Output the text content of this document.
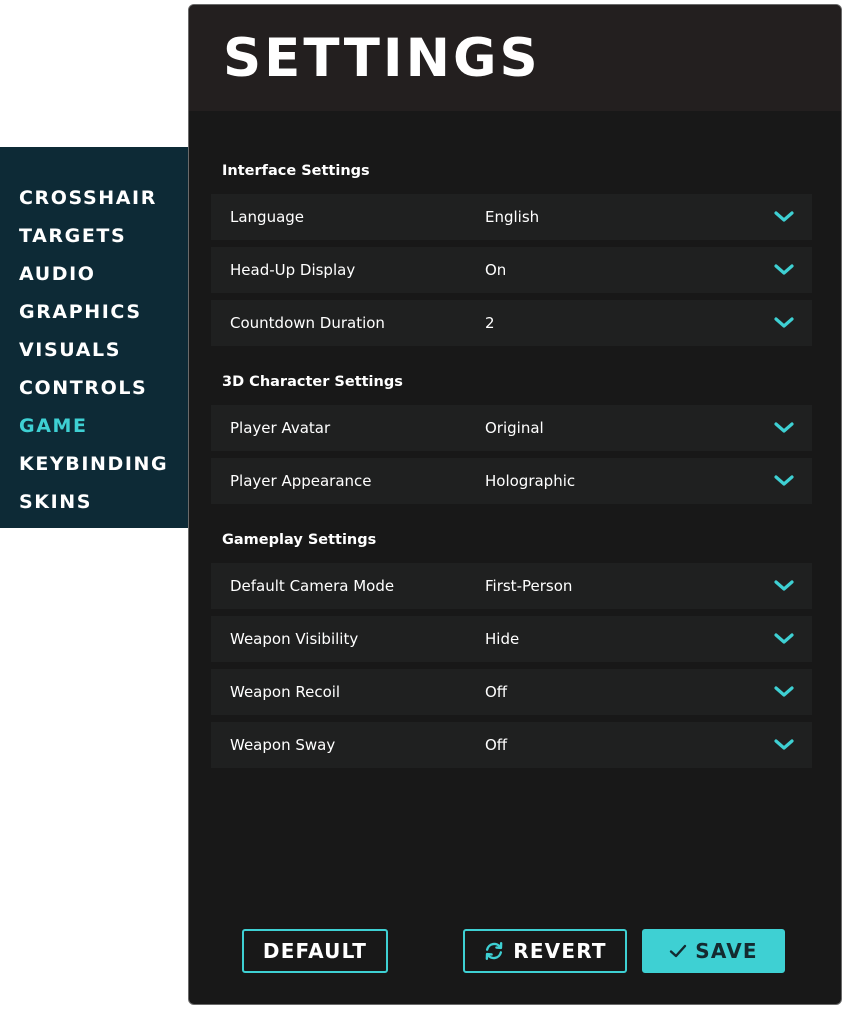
CROSSHAIR
TARGETS
AUDIO
GRAPHICS
VISUALS
CONTROLS
GAME
KEYBINDING
SKINS
SETTINGS
Interface Settings
Language	English
Head-Up Display	On
Countdown Duration	2
3D Character Settings
Player Avatar	Original
Player Appearance	Holographic
Gameplay Settings
Default Camera Mode	First-Person
Weapon Visibility	Hide
Weapon Recoil	Off
Weapon Sway	Off
DEFAULT	REVERT	SAVE
